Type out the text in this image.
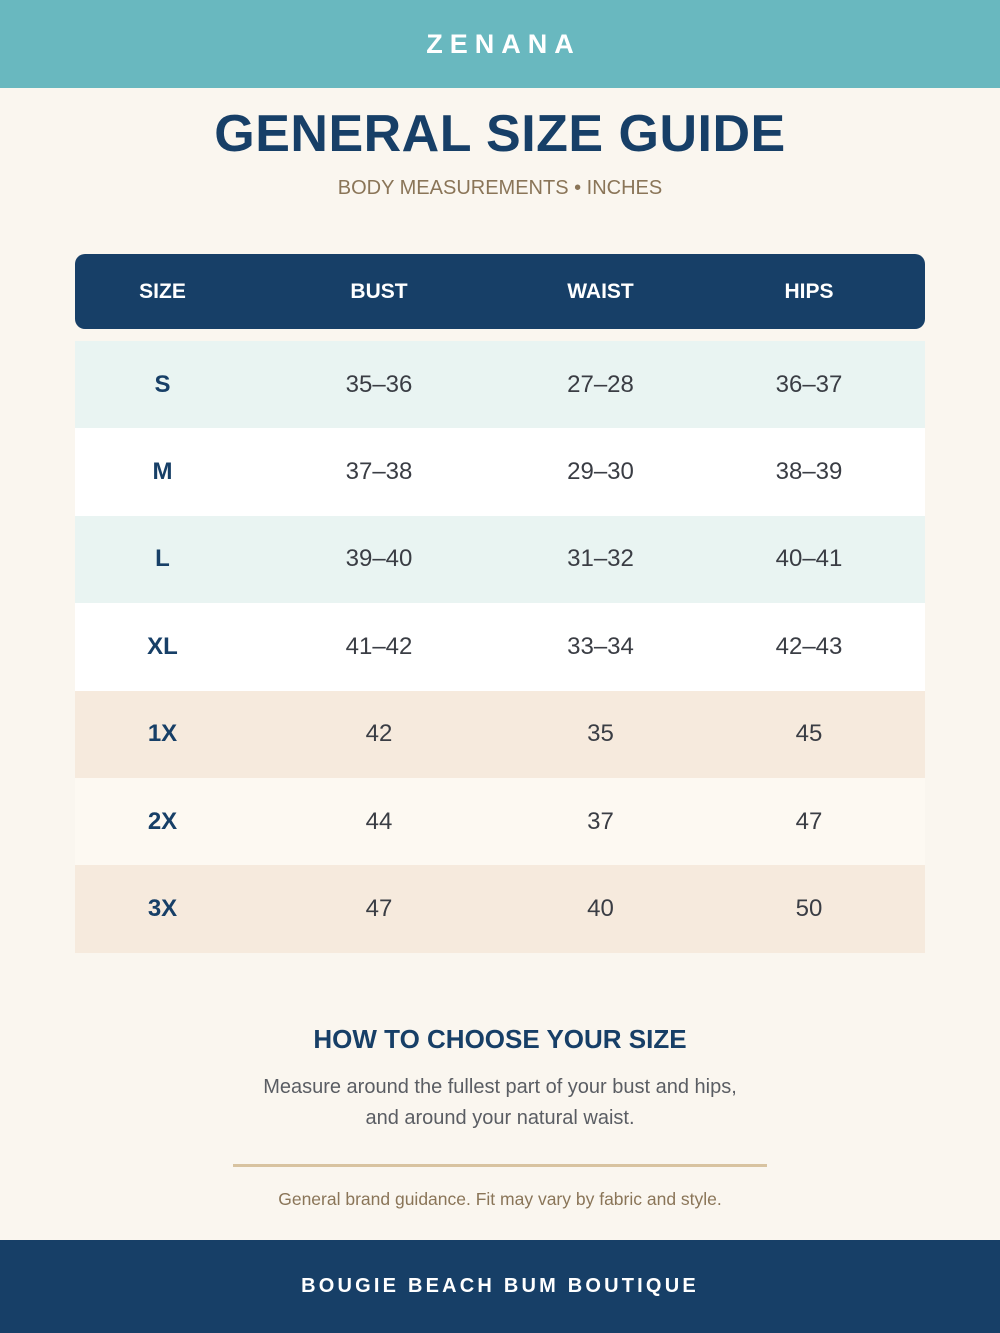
ZENANA
GENERAL SIZE GUIDE
BODY MEASUREMENTS • INCHES
SIZE	BUST	WAIST	HIPS
S	35–36	27–28	36–37
M	37–38	29–30	38–39
L	39–40	31–32	40–41
XL	41–42	33–34	42–43
1X	42	35	45
2X	44	37	47
3X	47	40	50
HOW TO CHOOSE YOUR SIZE
Measure around the fullest part of your bust and hips,
and around your natural waist.
General brand guidance. Fit may vary by fabric and style.
BOUGIE BEACH BUM BOUTIQUE
